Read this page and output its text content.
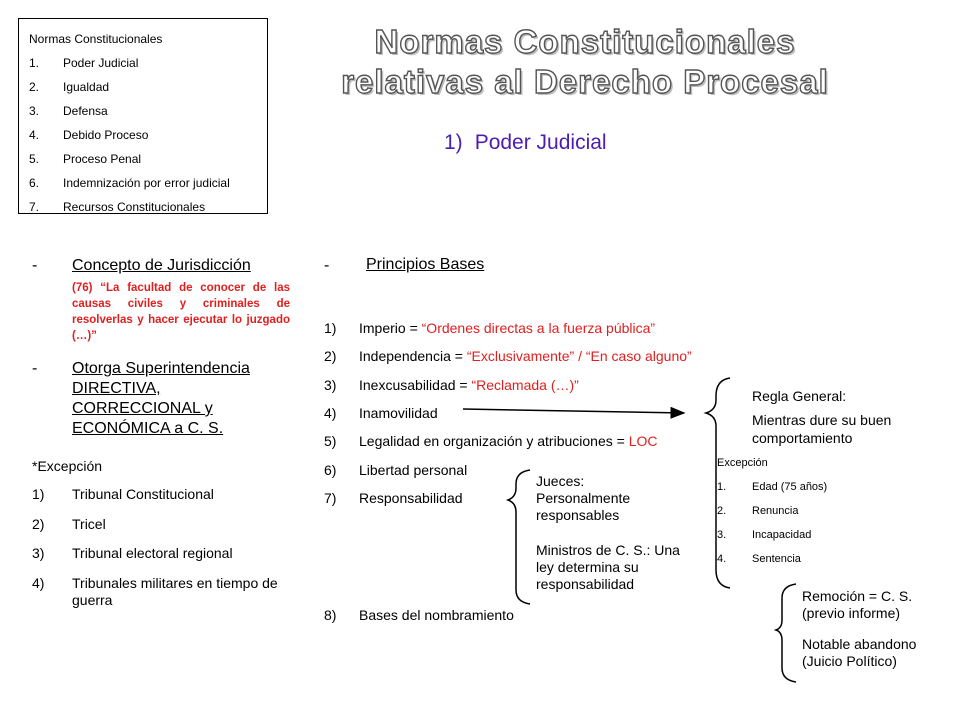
Normas Constitucionales
1.	Poder Judicial
2.	Igualdad
3.	Defensa
4.	Debido Proceso
5.	Proceso Penal
6.	Indemnización por error judicial
7.	Recursos Constitucionales
Normas Constitucionales
relativas al Derecho Procesal
1) Poder Judicial
- Concepto de Jurisdicción
(76) “La facultad de conocer de las causas civiles y criminales de resolverlas y hacer ejecutar lo juzgado (…)”
- Otorga Superintendencia DIRECTIVA, CORRECCIONAL y ECONÓMICA a C. S.
*Excepción
1)	Tribunal Constitucional
2)	Tricel
3)	Tribunal electoral regional
4)	Tribunales militares en tiempo de guerra
- Principios Bases
1) Imperio = “Ordenes directas a la fuerza pública”
2) Independencia = “Exclusivamente” / “En caso alguno”
3) Inexcusabilidad = “Reclamada (…)”
4) Inamovilidad
5) Legalidad en organización y atribuciones = LOC
6) Libertad personal
7) Responsabilidad
8) Bases del nombramiento
Jueces: Personalmente responsables
Ministros de C. S.: Una ley determina su responsabilidad
Regla General:
Mientras dure su buen comportamiento
Excepción
1. Edad (75 años)
2. Renuncia
3. Incapacidad
4. Sentencia
Remoción = C. S. (previo informe)
Notable abandono (Juicio Político)
